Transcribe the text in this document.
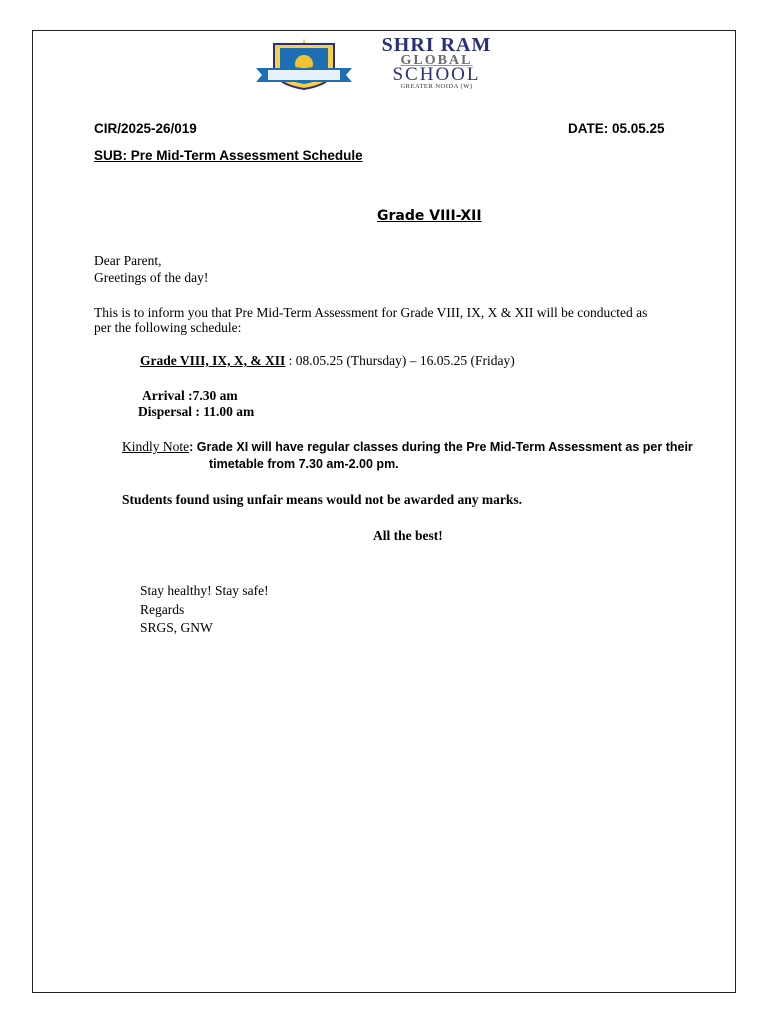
SHRI RAM
GLOBAL
SCHOOL
GREATER NOIDA (W)
CIR/2025-26/019	DATE: 05.05.25
SUB: Pre Mid-Term Assessment Schedule
Grade VIII-XII
Dear Parent,
Greetings of the day!
This is to inform you that Pre Mid-Term Assessment for Grade VIII, IX, X & XII will be conducted as
per the following schedule:
Grade VIII, IX, X, & XII : 08.05.25 (Thursday) – 16.05.25 (Friday)
Arrival :7.30 am
Dispersal : 11.00 am
Kindly Note: Grade XI will have regular classes during the Pre Mid-Term Assessment as per their
timetable from 7.30 am-2.00 pm.
Students found using unfair means would not be awarded any marks.
All the best!
Stay healthy! Stay safe!
Regards
SRGS, GNW
